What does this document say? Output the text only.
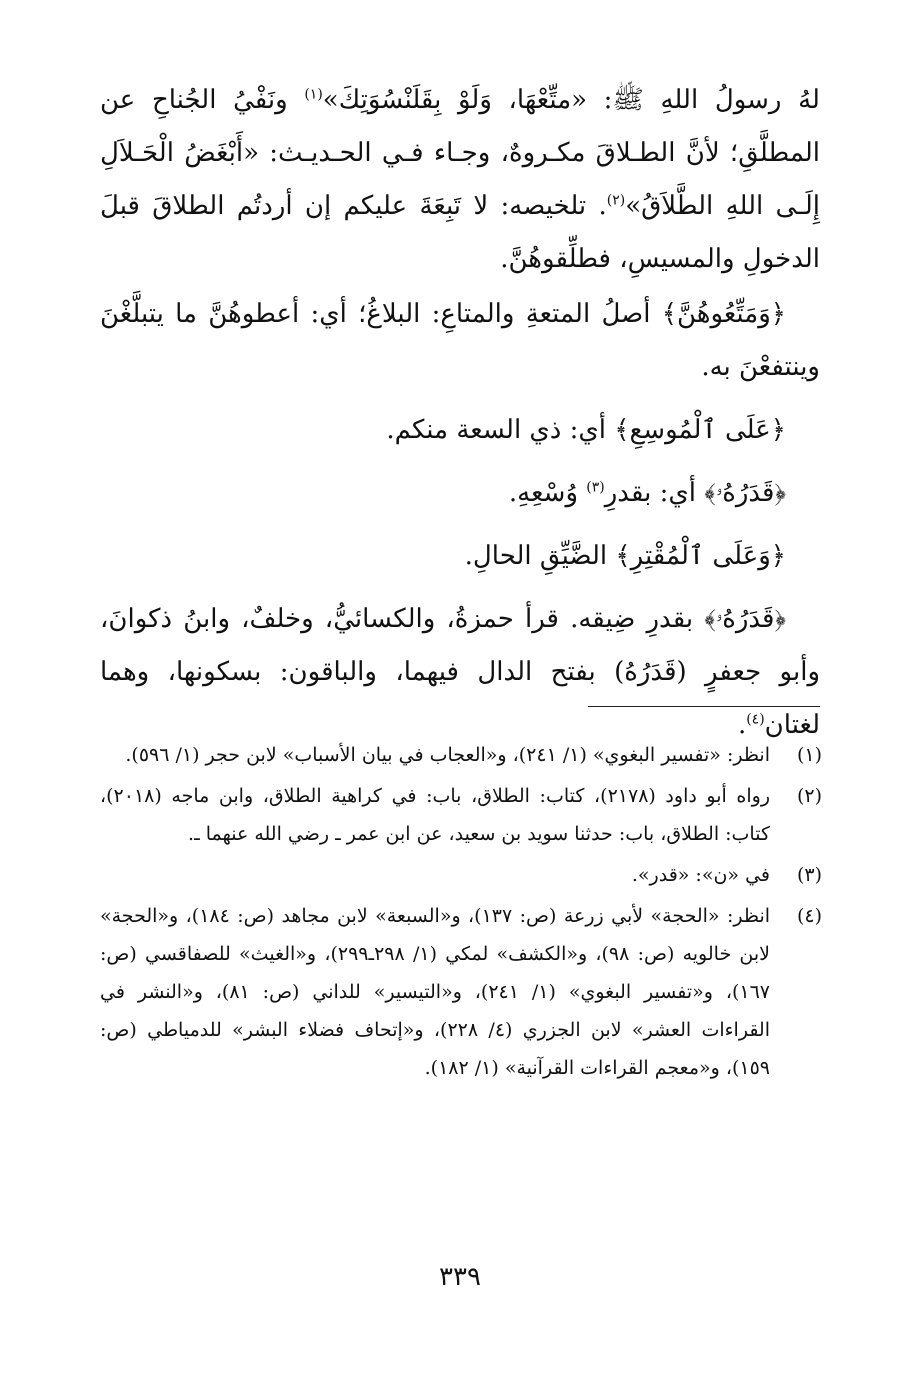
لهُ رسولُ اللهِ ﷺ: «متِّعْهَا، وَلَوْ بِقَلَنْسُوَتِكَ»$^{(١)}$ ونَفْيُ الجُناحِ عن المطلَّقِ؛ لأنَّ الطـلاقَ مكـروهٌ، وجـاء فـي الحـديـث: «أَبْغَضُ الْحَـلاَلِ إِلَـى اللهِ الطَّلاَقُ»$^{(٢)}$. تلخيصه: لا تَبِعَةَ عليكم إن أردتُم الطلاقَ قبلَ الدخولِ والمسيسِ، فطلِّقوهُنَّ.

﴿وَمَتِّعُوهُنَّ﴾ أصلُ المتعةِ والمتاعِ: البلاغُ؛ أي: أعطوهُنَّ ما يتبلَّغْنَ وينتفعْنَ به.

﴿عَلَى ٱلْمُوسِعِ﴾ أي: ذي السعة منكم.

﴿قَدَرُهُۥ﴾ أي: بقدرِ$^{(٣)}$ وُسْعِهِ.

﴿وَعَلَى ٱلْمُقْتِرِ﴾ الضَّيِّقِ الحالِ.

﴿قَدَرُهُۥ﴾ بقدرِ ضِيقه. قرأ حمزةُ، والكسائيُّ، وخلفٌ، وابنُ ذكوانَ، وأبو جعفرٍ (قَدَرُهُ) بفتح الدال فيهما، والباقون: بسكونها، وهما لغتان$^{(٤)}$.

(١)
انظر: «تفسير البغوي» (١/ ٢٤١)، و«العجاب في بيان الأسباب» لابن حجر (١/ ٥٩٦).
(٢)
رواه أبو داود (٢١٧٨)، كتاب: الطلاق، باب: في كراهية الطلاق، وابن ماجه (٢٠١٨)، كتاب: الطلاق، باب: حدثنا سويد بن سعيد، عن ابن عمر ـ رضي الله عنهما ـ.
(٣)
في «ن»: «قدر».
(٤)
انظر: «الحجة» لأبي زرعة (ص: ١٣٧)، و«السبعة» لابن مجاهد (ص: ١٨٤)، و«الحجة» لابن خالويه (ص: ٩٨)، و«الكشف» لمكي (١/ ٢٩٨ـ٢٩٩)، و«الغيث» للصفاقسي (ص: ١٦٧)، و«تفسير البغوي» (١/ ٢٤١)، و«التيسير» للداني (ص: ٨١)، و«النشر في القراءات العشر» لابن الجزري (٤/ ٢٢٨)، و«إتحاف فضلاء البشر» للدمياطي (ص: ١٥٩)، و«معجم القراءات القرآنية» (١/ ١٨٢).
٣٣٩
